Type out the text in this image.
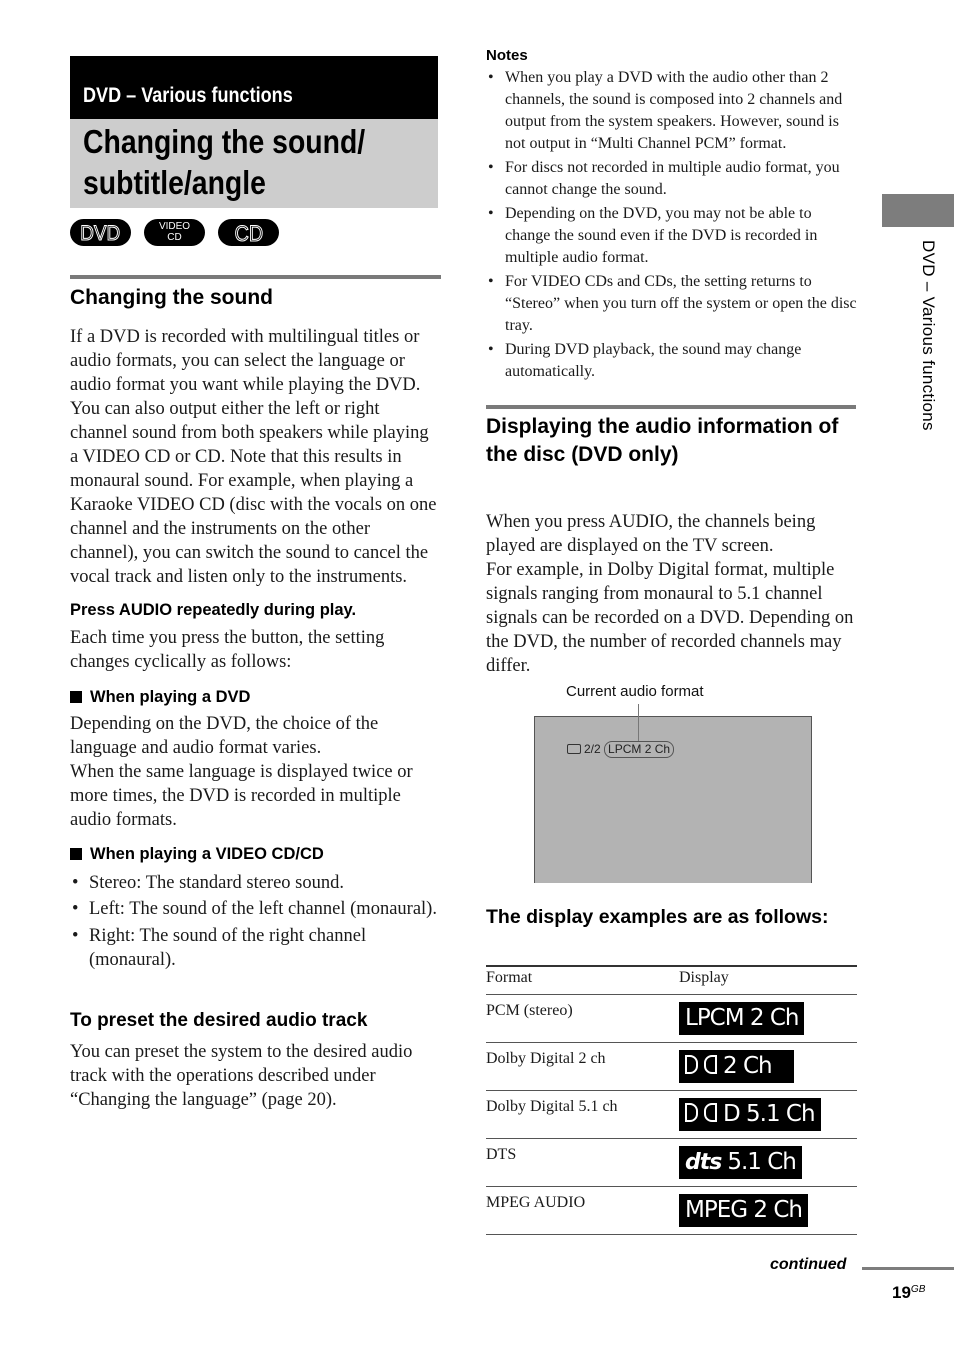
DVD – Various functions
Changing the sound/ subtitle/angle
DVD	VIDEO
CD	CD
Changing the sound

If a DVD is recorded with multilingual titles or audio formats, you can select the language or audio format you want while playing the DVD. You can also output either the left or right channel sound from both speakers while playing a VIDEO CD or CD. Note that this results in monaural sound. For example, when playing a Karaoke VIDEO CD (disc with the vocals on one channel and the instruments on the other channel), you can switch the sound to cancel the vocal track and listen only to the instruments.

Press AUDIO repeatedly during play.

Each time you press the button, the setting changes cyclically as follows:

When playing a DVD

Depending on the DVD, the choice of the language and audio format varies.

When the same language is displayed twice or more times, the DVD is recorded in multiple audio formats.

When playing a VIDEO CD/CD
• Stereo: The standard stereo sound.
• Left: The sound of the left channel (monaural).
• Right: The sound of the right channel (monaural).
To preset the desired audio track

You can preset the system to the desired audio track with the operations described under “Changing the language” (page 20).

Notes
• When you play a DVD with the audio other than 2 channels, the sound is composed into 2 channels and output from the system speakers. However, sound is not output in “Multi Channel PCM” format.
• For discs not recorded in multiple audio format, you cannot change the sound.
• Depending on the DVD, you may not be able to change the sound even if the DVD is recorded in multiple audio format.
• For VIDEO CDs and CDs, the setting returns to “Stereo” when you turn off the system or open the disc tray.
• During DVD playback, the sound may change automatically.
Displaying the audio information of the disc (DVD only)

When you press AUDIO, the channels being played are displayed on the TV screen.

For example, in Dolby Digital format, multiple signals ranging from monaural to 5.1 channel signals can be recorded on a DVD. Depending on the DVD, the number of recorded channels may differ.

Current audio format
2/2 LPCM 2 Ch
The display examples are as follows:
Format	Display
PCM (stereo)	LPCM 2 Ch
Dolby Digital 2 ch	2 Ch
Dolby Digital 5.1 ch	D 5.1 Ch
DTS	dts 5.1 Ch
MPEG AUDIO	MPEG 2 Ch
DVD – Various functions
continued
$19^{GB}$
